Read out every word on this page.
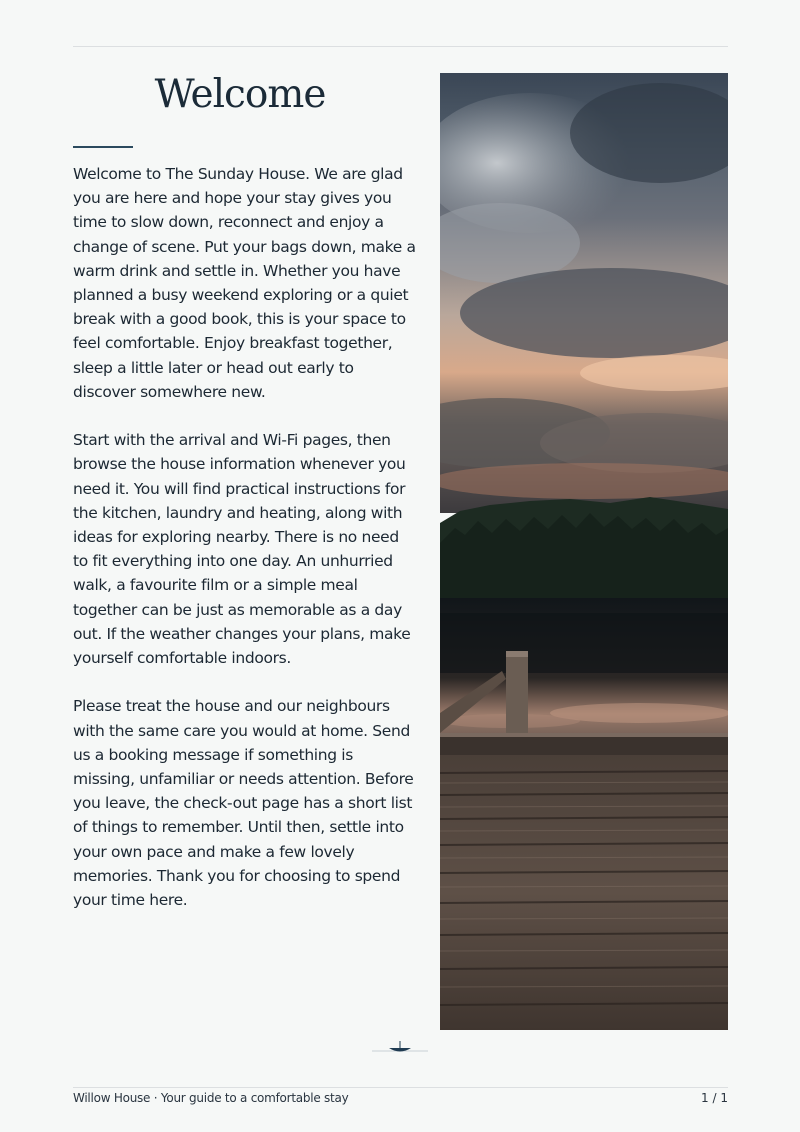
Welcome

Welcome to The Sunday House. We are glad you are here and hope your stay gives you time to slow down, reconnect and enjoy a change of scene. Put your bags down, make a warm drink and settle in. Whether you have planned a busy weekend exploring or a quiet break with a good book, this is your space to feel comfortable. Enjoy breakfast together, sleep a little later or head out early to discover somewhere new.

Start with the arrival and Wi-Fi pages, then browse the house information whenever you need it. You will find practical instructions for the kitchen, laundry and heating, along with ideas for exploring nearby. There is no need to fit everything into one day. An unhurried walk, a favourite film or a simple meal together can be just as memorable as a day out. If the weather changes your plans, make yourself comfortable indoors.

Please treat the house and our neighbours with the same care you would at home. Send us a booking message if something is missing, unfamiliar or needs attention. Before you leave, the check-out page has a short list of things to remember. Until then, settle into your own pace and make a few lovely memories. Thank you for choosing to spend your time here.

Willow House · Your guide to a comfortable stay	1 / 1
